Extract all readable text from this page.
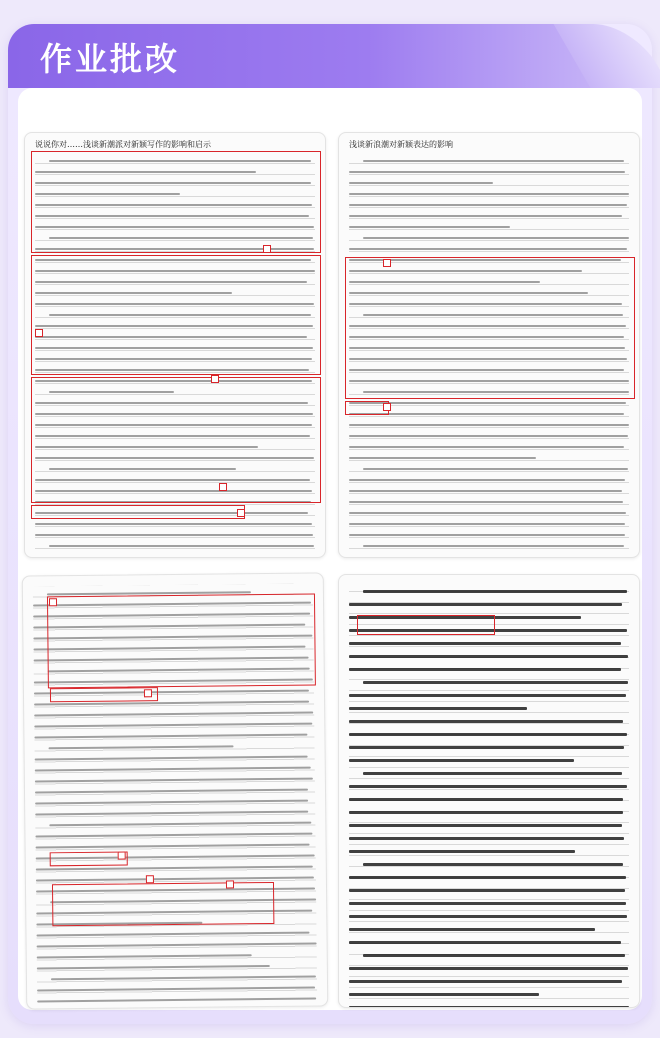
作业批改
说说你对……浅谈新潮派对新颖写作的影响和启示	浅谈新浪潮对新颖表达的影响
